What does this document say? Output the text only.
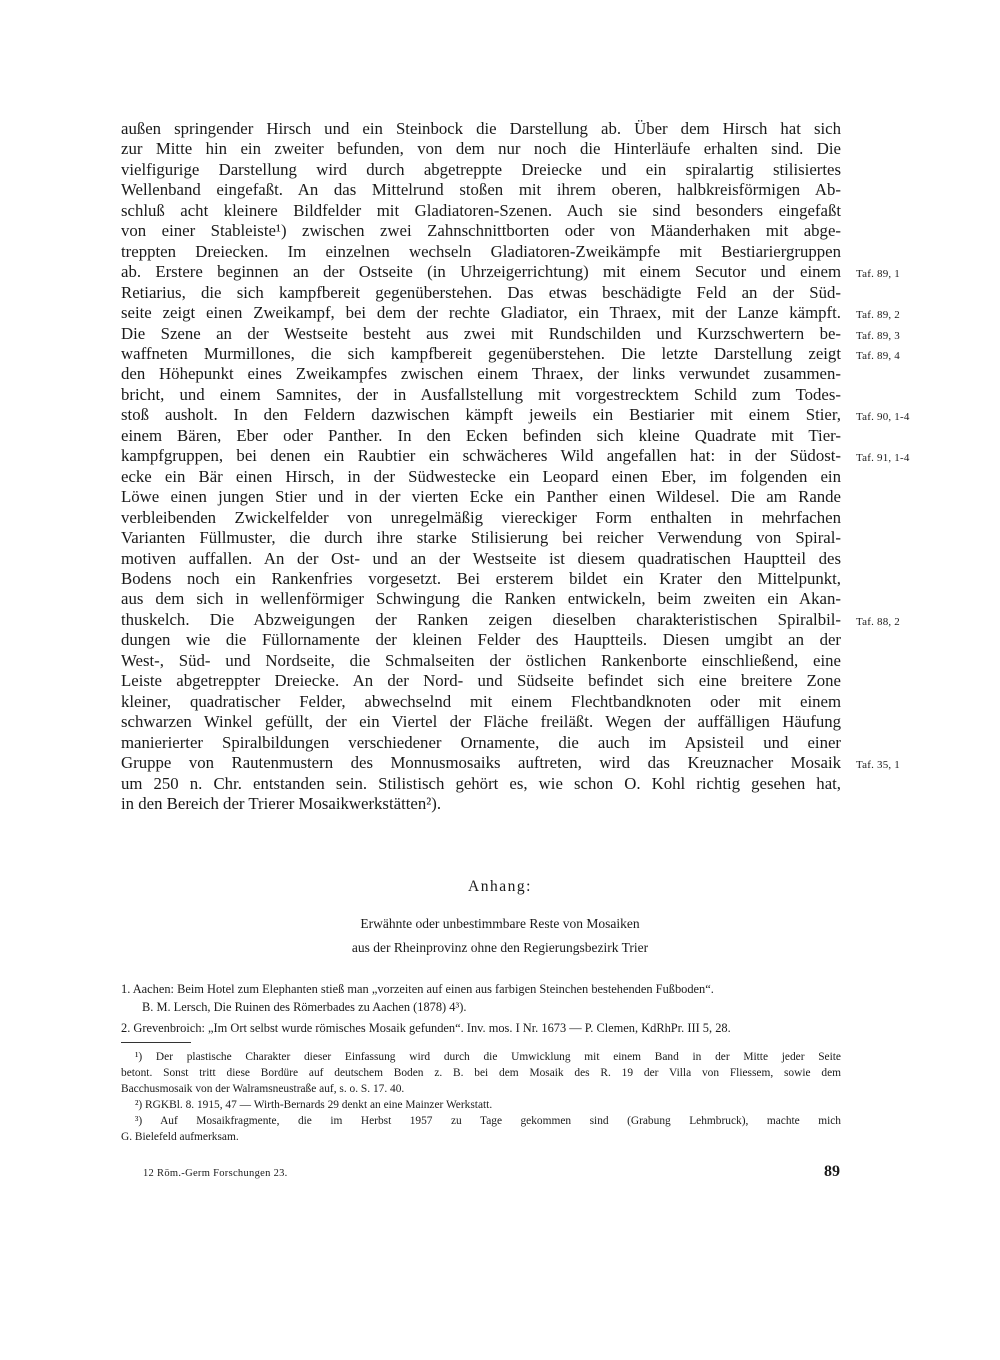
außen springender Hirsch und ein Steinbock die Darstellung ab. Über dem Hirsch hat sich
zur Mitte hin ein zweiter befunden, von dem nur noch die Hinterläufe erhalten sind. Die
vielfigurige Darstellung wird durch abgetreppte Dreiecke und ein spiralartig stilisiertes
Wellenband eingefaßt. An das Mittelrund stoßen mit ihrem oberen, halbkreisförmigen Ab-
schluß acht kleinere Bildfelder mit Gladiatoren-Szenen. Auch sie sind besonders eingefaßt
von einer Stableiste¹) zwischen zwei Zahnschnittborten oder von Mäanderhaken mit abge-
treppten Dreiecken. Im einzelnen wechseln Gladiatoren-Zweikämpfe mit Bestiariergruppen
ab. Erstere beginnen an der Ostseite (in Uhrzeigerrichtung) mit einem Secutor und einem
Retiarius, die sich kampfbereit gegenüberstehen. Das etwas beschädigte Feld an der Süd-
seite zeigt einen Zweikampf, bei dem der rechte Gladiator, ein Thraex, mit der Lanze kämpft.
Die Szene an der Westseite besteht aus zwei mit Rundschilden und Kurzschwertern be-
waffneten Murmillones, die sich kampfbereit gegenüberstehen. Die letzte Darstellung zeigt
den Höhepunkt eines Zweikampfes zwischen einem Thraex, der links verwundet zusammen-
bricht, und einem Samnites, der in Ausfallstellung mit vorgestrecktem Schild zum Todes-
stoß ausholt. In den Feldern dazwischen kämpft jeweils ein Bestiarier mit einem Stier,
einem Bären, Eber oder Panther. In den Ecken befinden sich kleine Quadrate mit Tier-
kampfgruppen, bei denen ein Raubtier ein schwächeres Wild angefallen hat: in der Südost-
ecke ein Bär einen Hirsch, in der Südwestecke ein Leopard einen Eber, im folgenden ein
Löwe einen jungen Stier und in der vierten Ecke ein Panther einen Wildesel. Die am Rande
verbleibenden Zwickelfelder von unregelmäßig viereckiger Form enthalten in mehrfachen
Varianten Füllmuster, die durch ihre starke Stilisierung bei reicher Verwendung von Spiral-
motiven auffallen. An der Ost- und an der Westseite ist diesem quadratischen Hauptteil des
Bodens noch ein Rankenfries vorgesetzt. Bei ersterem bildet ein Krater den Mittelpunkt,
aus dem sich in wellenförmiger Schwingung die Ranken entwickeln, beim zweiten ein Akan-
thuskelch. Die Abzweigungen der Ranken zeigen dieselben charakteristischen Spiralbil-
dungen wie die Füllornamente der kleinen Felder des Hauptteils. Diesen umgibt an der
West-, Süd- und Nordseite, die Schmalseiten der östlichen Rankenborte einschließend, eine
Leiste abgetreppter Dreiecke. An der Nord- und Südseite befindet sich eine breitere Zone
kleiner, quadratischer Felder, abwechselnd mit einem Flechtbandknoten oder mit einem
schwarzen Winkel gefüllt, der ein Viertel der Fläche freiläßt. Wegen der auffälligen Häufung
manierierter Spiralbildungen verschiedener Ornamente, die auch im Apsisteil und einer
Gruppe von Rautenmustern des Monnusmosaiks auftreten, wird das Kreuznacher Mosaik
um 250 n. Chr. entstanden sein. Stilistisch gehört es, wie schon O. Kohl richtig gesehen hat,
in den Bereich der Trierer Mosaikwerkstätten²).
Taf. 89, 1
Taf. 89, 2
Taf. 89, 3
Taf. 89, 4
Taf. 90, 1-4
Taf. 91, 1-4
Taf. 88, 2
Taf. 35, 1
Anhang:
Erwähnte oder unbestimmbare Reste von Mosaiken
aus der Rheinprovinz ohne den Regierungsbezirk Trier
1. Aachen: Beim Hotel zum Elephanten stieß man „vorzeiten auf einen aus farbigen Steinchen bestehenden Fußboden“.
B. M. Lersch, Die Ruinen des Römerbades zu Aachen (1878) 4³).
2. Grevenbroich: „Im Ort selbst wurde römisches Mosaik gefunden“. Inv. mos. I Nr. 1673 — P. Clemen, KdRhPr. III 5, 28.
¹) Der plastische Charakter dieser Einfassung wird durch die Umwicklung mit einem Band in der Mitte jeder Seite
betont. Sonst tritt diese Bordüre auf deutschem Boden z. B. bei dem Mosaik des R. 19 der Villa von Fliessem, sowie dem
Bacchusmosaik von der Walramsneustraße auf, s. o. S. 17. 40.
²) RGKBl. 8. 1915, 47 — Wirth-Bernards 29 denkt an eine Mainzer Werkstatt.
³) Auf Mosaikfragmente, die im Herbst 1957 zu Tage gekommen sind (Grabung Lehmbruck), machte mich
G. Bielefeld aufmerksam.
12 Röm.-Germ Forschungen 23.	89
